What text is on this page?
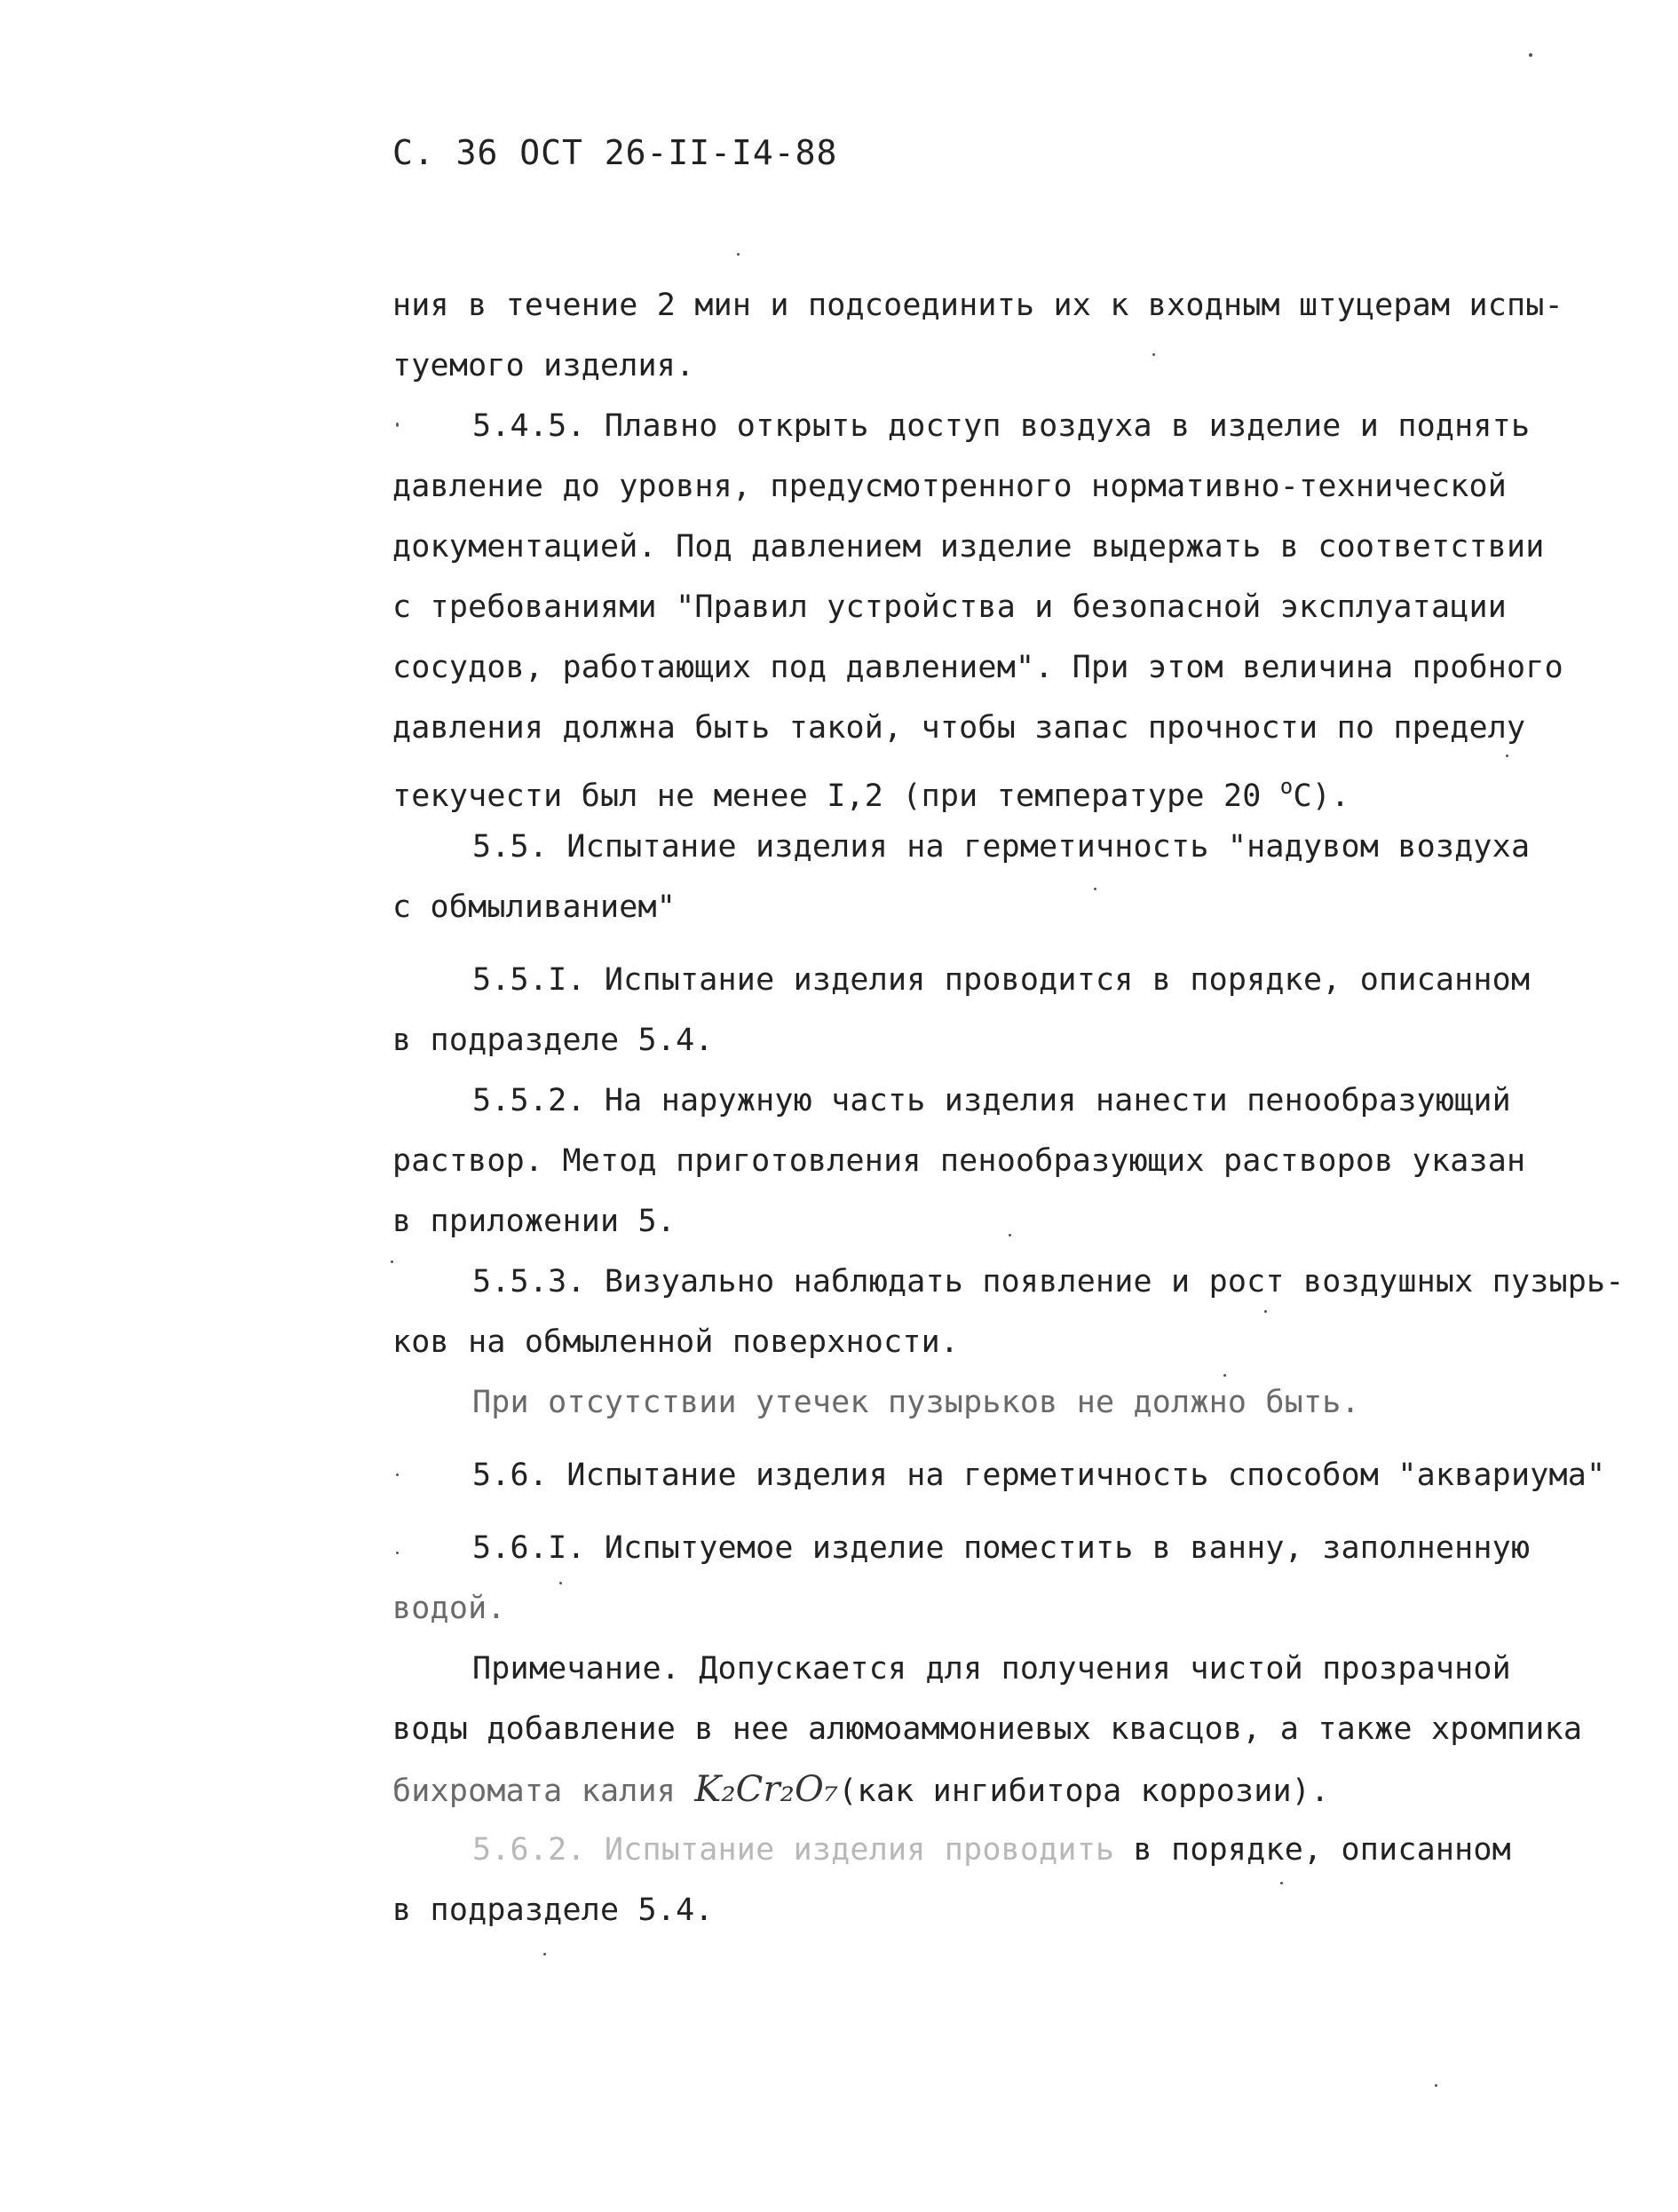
С. 36 ОСТ 26-II-I4-88
ния в течение 2 мин и подсоединить их к входным штуцерам испы-
туемого изделия.
5.4.5. Плавно открыть доступ воздуха в изделие и поднять
давление до уровня, предусмотренного нормативно-технической
документацией. Под давлением изделие выдержать в соответствии
с требованиями "Правил устройства и безопасной эксплуатации
сосудов, работающих под давлением". При этом величина пробного
давления должна быть такой, чтобы запас прочности по пределу
текучести был не менее I,2 (при температуре 20 $^о$С).
5.5. Испытание изделия на герметичность "надувом воздуха
с обмыливанием"
5.5.I. Испытание изделия проводится в порядке, описанном
в подразделе 5.4.
5.5.2. На наружную часть изделия нанести пенообразующий
раствор. Метод приготовления пенообразующих растворов указан
в приложении 5.
5.5.3. Визуально наблюдать появление и рост воздушных пузырь-
ков на обмыленной поверхности.
При отсутствии утечек пузырьков не должно быть.
5.6. Испытание изделия на герметичность способом "аквариума"
5.6.I. Испытуемое изделие поместить в ванну, заполненную
водой.
Примечание. Допускается для получения чистой прозрачной
воды добавление в нее алюмоаммониевых квасцов, а также хромпика
бихромата калия K₂Cr₂O₇(как ингибитора коррозии).
5.6.2. Испытание изделия проводить в порядке, описанном
в подразделе 5.4.
